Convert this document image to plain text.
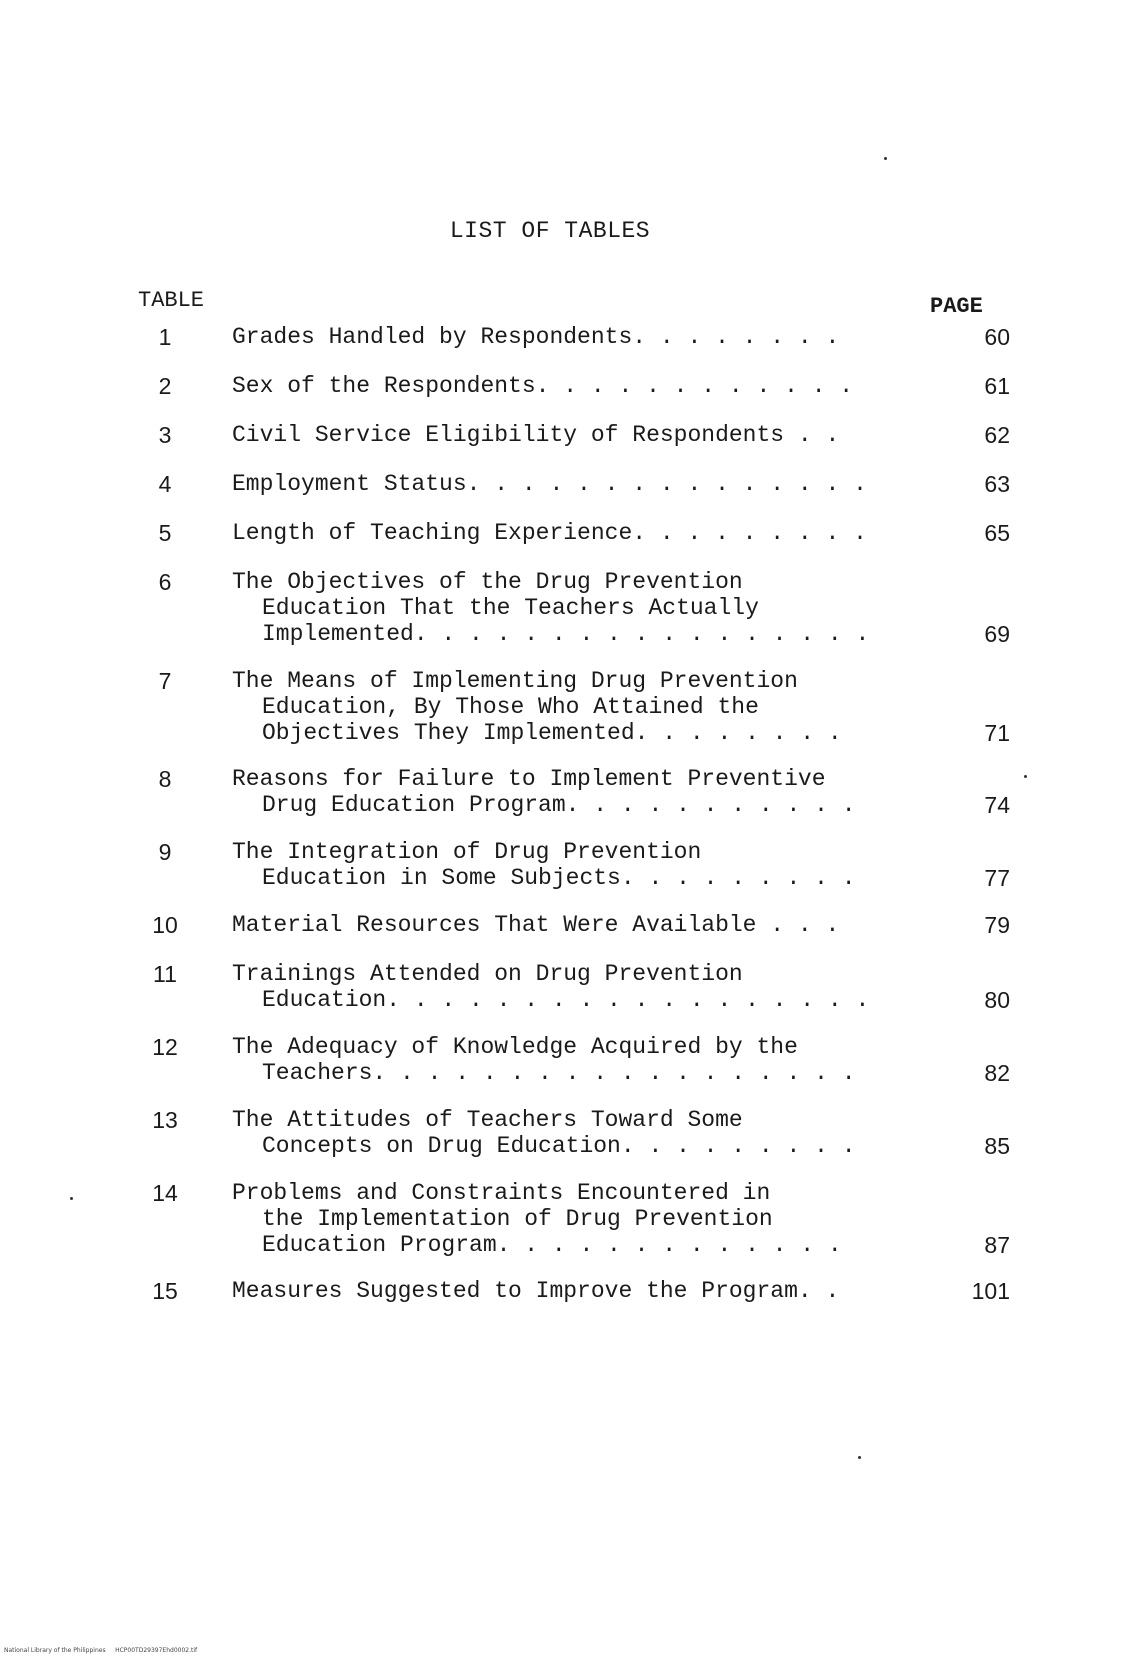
LIST OF TABLES
TABLE	PAGE
1	Grades Handled by Respondents. . . . . . . .	60
2	Sex of the Respondents. . . . . . . . . . . .	61
3	Civil Service Eligibility of Respondents . .	62
4	Employment Status. . . . . . . . . . . . . . .	63
5	Length of Teaching Experience. . . . . . . . .	65
6	The Objectives of the Drug Prevention
Education That the Teachers Actually
Implemented. . . . . . . . . . . . . . . . .	69
7	The Means of Implementing Drug Prevention
Education, By Those Who Attained the
Objectives They Implemented. . . . . . . .	71
8	Reasons for Failure to Implement Preventive
Drug Education Program. . . . . . . . . . .	74
9	The Integration of Drug Prevention
Education in Some Subjects. . . . . . . . .	77
10	Material Resources That Were Available . . .	79
11	Trainings Attended on Drug Prevention
Education. . . . . . . . . . . . . . . . . .	80
12	The Adequacy of Knowledge Acquired by the
Teachers. . . . . . . . . . . . . . . . . .	82
13	The Attitudes of Teachers Toward Some
Concepts on Drug Education. . . . . . . . .	85
14	Problems and Constraints Encountered in
the Implementation of Drug Prevention
Education Program. . . . . . . . . . . . .	87
15	Measures Suggested to Improve the Program. .	101
National Library of the Philippines     HCP00TD29397Ehd0002.tif
